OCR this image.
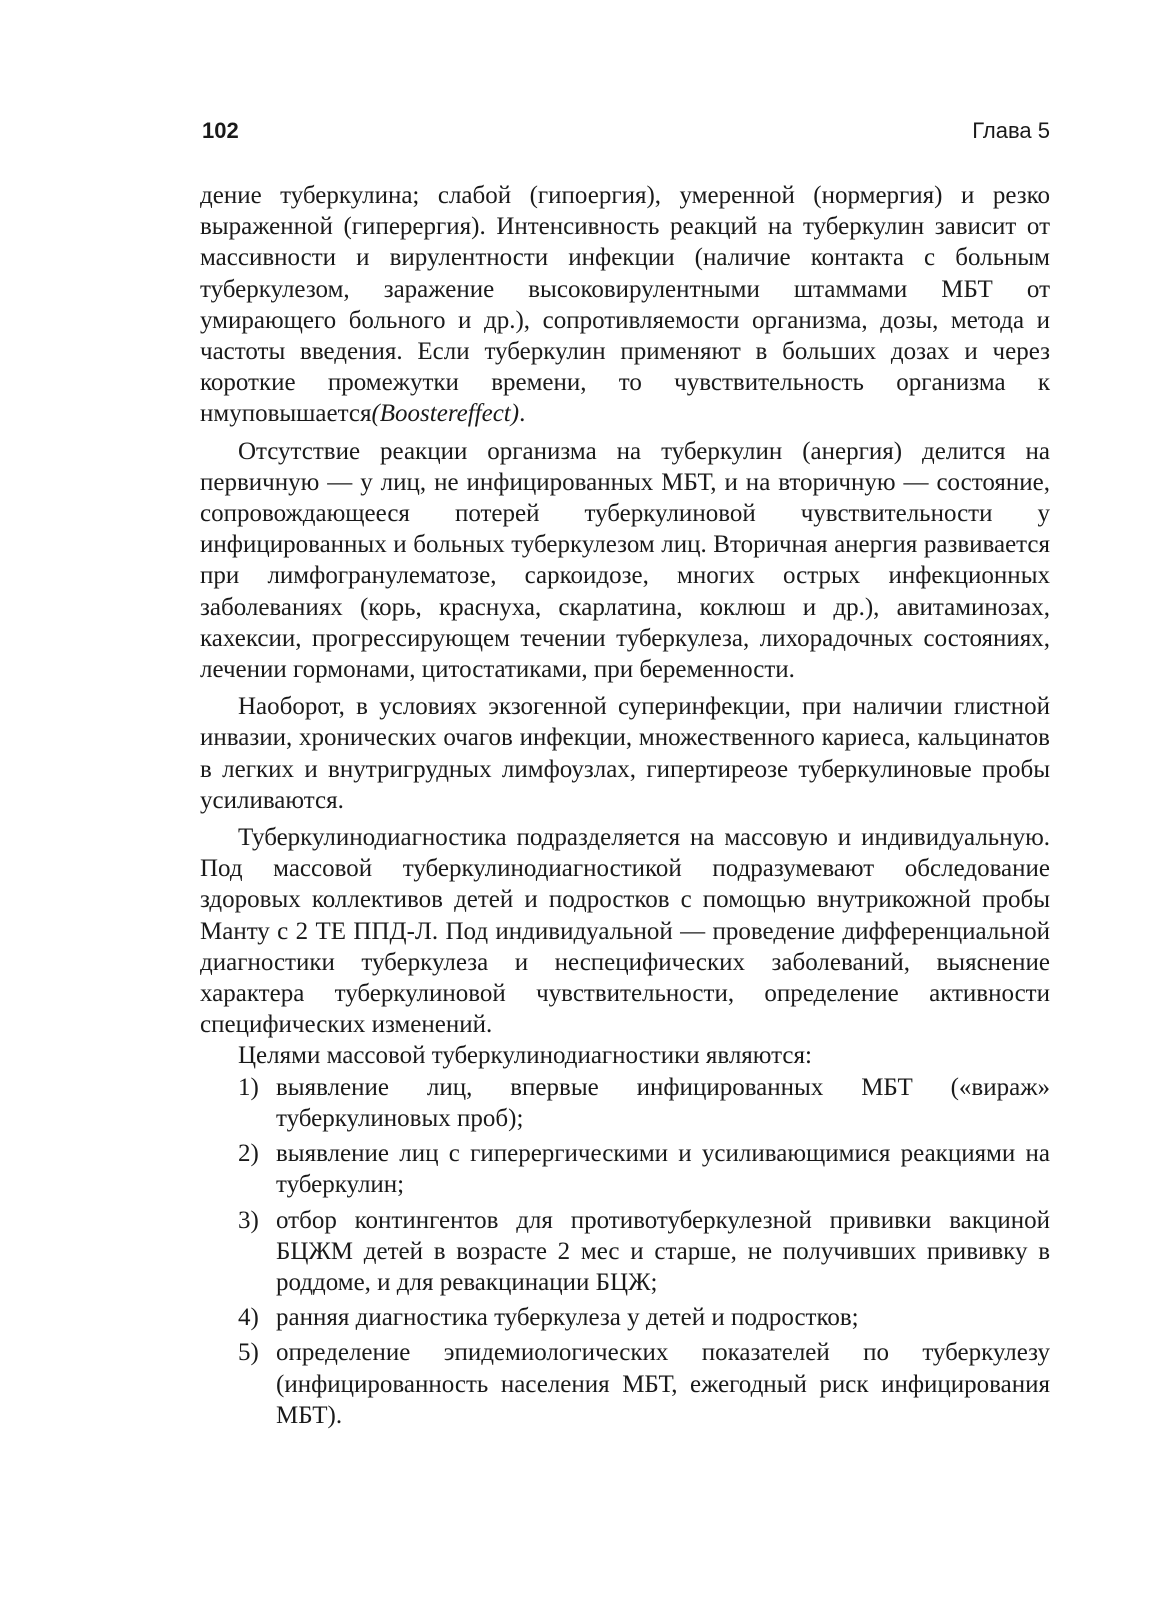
102	Глава 5

дение туберкулина; слабой (гипоергия), умеренной (нормергия) и резко выраженной (гиперергия). Интенсивность реакций на туберкулин зависит от массивности и вирулентности инфекции (наличие контакта с больным туберкулезом, заражение высоковирулентными штаммами МБТ от умирающего больного и др.), сопротивляемости организма, дозы, метода и частоты введения. Если туберкулин применяют в больших дозах и через короткие промежутки времени, то чувствительность организма к нмуповышается(Boostereffect).

Отсутствие реакции организма на туберкулин (анергия) делится на первичную — у лиц, не инфицированных МБТ, и на вторичную — состояние, сопровождающееся потерей туберкулиновой чувствительности у инфицированных и больных туберкулезом лиц. Вторичная анергия развивается при лимфогранулематозе, саркоидозе, многих острых инфекционных заболеваниях (корь, краснуха, скарлатина, коклюш и др.), авитаминозах, кахексии, прогрессирующем течении туберкулеза, лихорадочных состояниях, лечении гормонами, цитостатиками, при беременности.

Наоборот, в условиях экзогенной суперинфекции, при наличии глистной инвазии, хронических очагов инфекции, множественного кариеса, кальцинатов в легких и внутригрудных лимфоузлах, гипертиреозе туберкулиновые пробы усиливаются.

Туберкулинодиагностика подразделяется на массовую и индивидуальную. Под массовой туберкулинодиагностикой подразумевают обследование здоровых коллективов детей и подростков с помощью внутрикожной пробы Манту с 2 ТЕ ППД-Л. Под индивидуальной — проведение дифференциальной диагностики туберкулеза и неспецифических заболеваний, выяснение характера туберкулиновой чувствительности, определение активности специфических изменений.

Целями массовой туберкулинодиагностики являются:

1) выявление лиц, впервые инфицированных МБТ («вираж» туберкулиновых проб);
2) выявление лиц с гиперергическими и усиливающимися реакциями на туберкулин;
3) отбор контингентов для противотуберкулезной прививки вакциной БЦЖМ детей в возрасте 2 мес и старше, не получивших прививку в роддоме, и для ревакцинации БЦЖ;
4) ранняя диагностика туберкулеза у детей и подростков;
5) определение эпидемиологических показателей по туберкулезу (инфицированность населения МБТ, ежегодный риск инфицирования МБТ).
